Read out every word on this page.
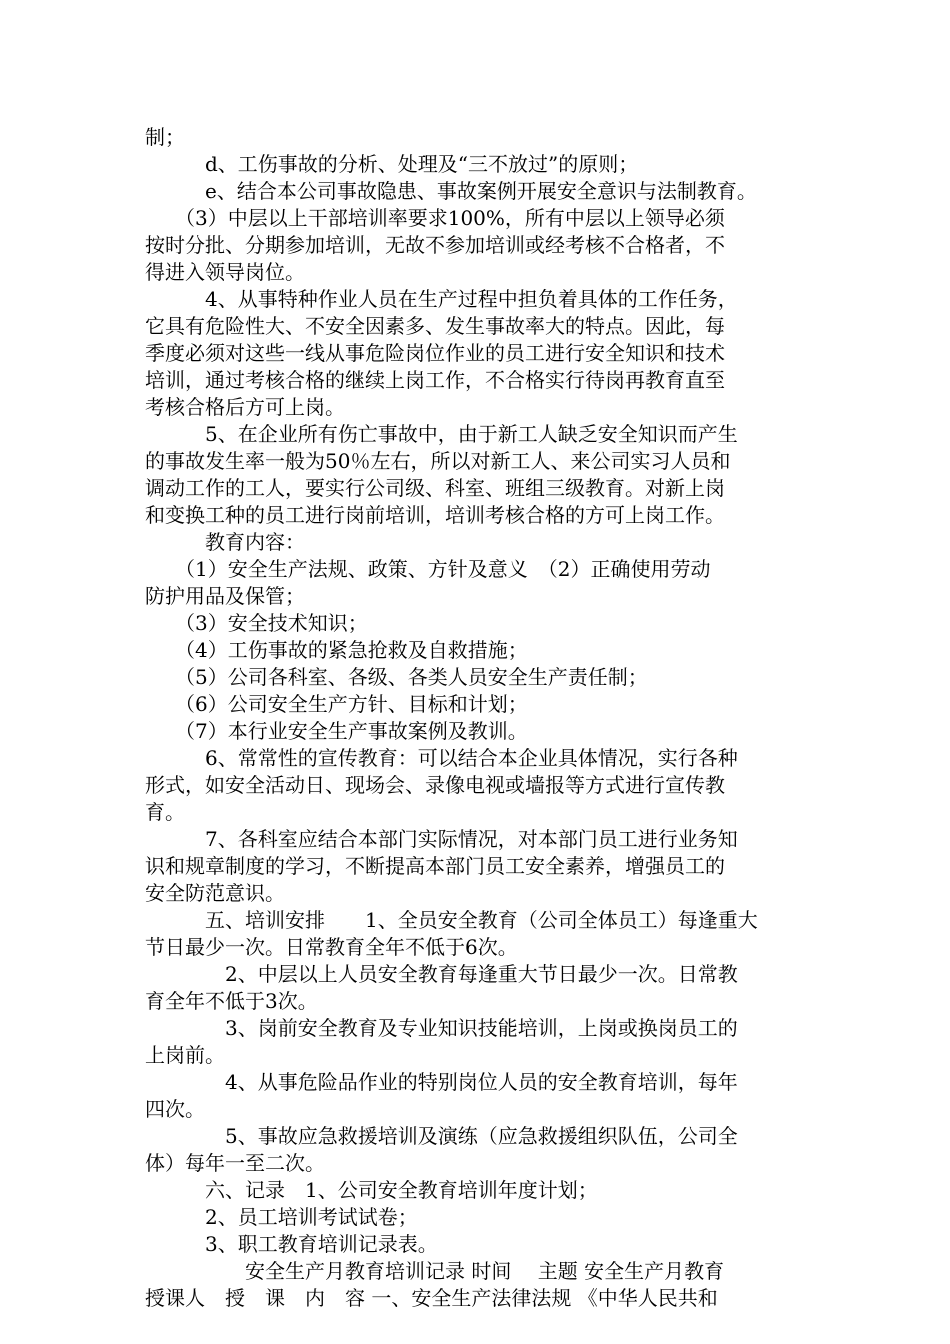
制；
　　　d、工伤事故的分析、处理及“三不放过”的原则；
　　　e、结合本公司事故隐患、事故案例开展安全意识与法制教育。
　　（3）中层以上干部培训率要求100%，所有中层以上领导必须
按时分批、分期参加培训，无故不参加培训或经考核不合格者，不
得进入领导岗位。
　　　4、从事特种作业人员在生产过程中担负着具体的工作任务，
它具有危险性大、不安全因素多、发生事故率大的特点。因此，每
季度必须对这些一线从事危险岗位作业的员工进行安全知识和技术
培训，通过考核合格的继续上岗工作，不合格实行待岗再教育直至
考核合格后方可上岗。
　　　5、在企业所有伤亡事故中，由于新工人缺乏安全知识而产生
的事故发生率一般为50％左右，所以对新工人、来公司实习人员和
调动工作的工人，要实行公司级、科室、班组三级教育。对新上岗
和变换工种的员工进行岗前培训，培训考核合格的方可上岗工作。
　　　教育内容：
　　（1）安全生产法规、政策、方针及意义　（2）正确使用劳动
防护用品及保管；
　　（3）安全技术知识；
　　（4）工伤事故的紧急抢救及自救措施；
　　（5）公司各科室、各级、各类人员安全生产责任制；
　　（6）公司安全生产方针、目标和计划；
　　（7）本行业安全生产事故案例及教训。
　　　6、常常性的宣传教育：可以结合本企业具体情况，实行各种
形式，如安全活动日、现场会、录像电视或墙报等方式进行宣传教
育。
　　　7、各科室应结合本部门实际情况，对本部门员工进行业务知
识和规章制度的学习，不断提高本部门员工安全素养，增强员工的
安全防范意识。
　　　五、培训安排　　1、全员安全教育（公司全体员工）每逢重大
节日最少一次。日常教育全年不低于6次。
　　　　2、中层以上人员安全教育每逢重大节日最少一次。日常教
育全年不低于3次。
　　　　3、岗前安全教育及专业知识技能培训，上岗或换岗员工的
上岗前。
　　　　4、从事危险品作业的特别岗位人员的安全教育培训，每年
四次。
　　　　5、事故应急救援培训及演练（应急救援组织队伍，公司全
体）每年一至二次。
　　　六、记录　1、公司安全教育培训年度计划；
　　　2、员工培训考试试卷；
　　　3、职工教育培训记录表。
　　　　　安全生产月教育培训记录 时间　 主题 安全生产月教育
授课人　授　课　内　容 一、安全生产法律法规 《中华人民共和
